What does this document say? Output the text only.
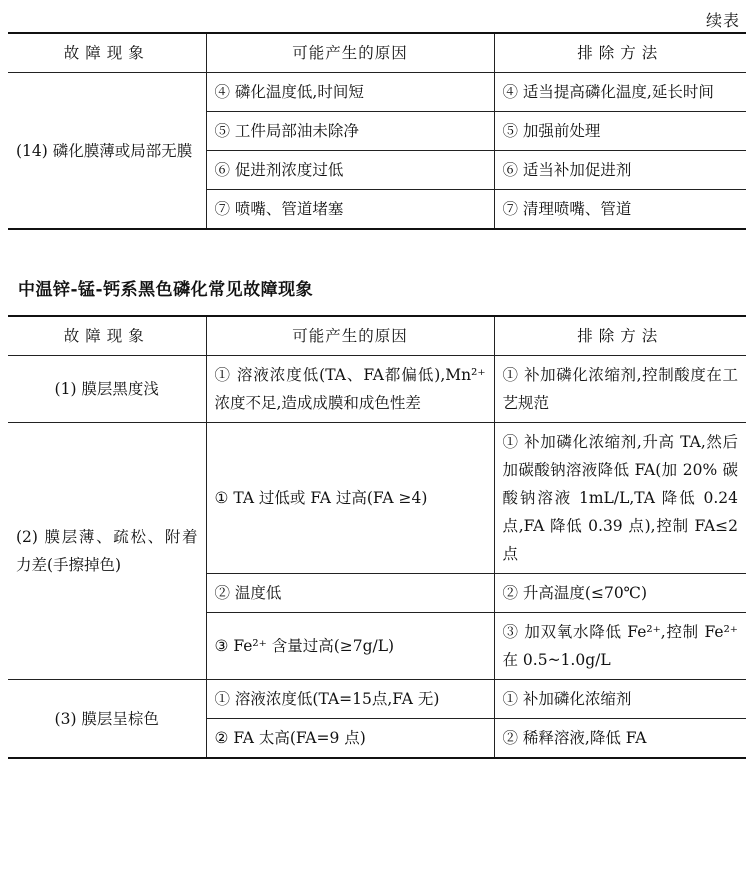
续表
故障现象	可能产生的原因	排除方法
(14) 磷化膜薄或局部无膜	④ 磷化温度低,时间短	④ 适当提高磷化温度,延长时间
	⑤ 工件局部油未除净	⑤ 加强前处理
	⑥ 促进剂浓度过低	⑥ 适当补加促进剂
	⑦ 喷嘴、管道堵塞	⑦ 清理喷嘴、管道
中温锌-锰-钙系黑色磷化常见故障现象
故障现象	可能产生的原因	排除方法
(1) 膜层黑度浅	① 溶液浓度低(TA、FA都偏低),Mn²⁺ 浓度不足,造成成膜和成色性差	① 补加磷化浓缩剂,控制酸度在工艺规范
(2) 膜层薄、疏松、附着力差(手擦掉色)	① TA 过低或 FA 过高(FA ≥4)	① 补加磷化浓缩剂,升高 TA,然后加碳酸钠溶液降低 FA(加 20% 碳酸钠溶液 1mL/L,TA 降低 0.24 点,FA 降低 0.39 点),控制 FA≤2 点
	② 温度低	② 升高温度(≤70℃)
	③ Fe²⁺ 含量过高(≥7g/L)	③ 加双氧水降低 Fe²⁺,控制 Fe²⁺ 在 0.5~1.0g/L
(3) 膜层呈棕色	① 溶液浓度低(TA=15点,FA 无)	① 补加磷化浓缩剂
	② FA 太高(FA=9 点)	② 稀释溶液,降低 FA
